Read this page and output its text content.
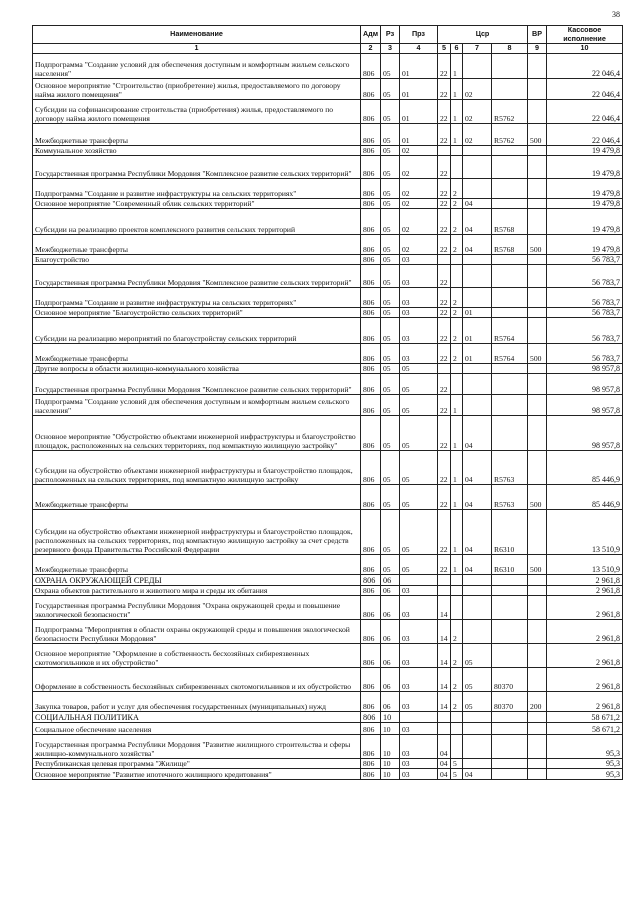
38
Наименование	Адм	Рз	Прз	Цср				ВР	Кассовое исполнение
1	2	3	4	5	6	7	8	9	10
Подпрограмма "Создание условий для обеспечения доступным и комфортным жильем сельского населения"	806	05	01	22	1				22 046,4
Основное мероприятие "Строительство (приобретение) жилья, предоставляемого по договору найма жилого помещения"	806	05	01	22	1	02			22 046,4
Субсидии на софинансирование строительства (приобретения) жилья, предоставляемого по договору найма жилого помещения	806	05	01	22	1	02	R5762		22 046,4
Межбюджетные трансферты	806	05	01	22	1	02	R5762	500	22 046,4
Коммунальное хозяйство	806	05	02						19 479,8
Государственная программа Республики Мордовия "Комплексное развитие сельских территорий"	806	05	02	22					19 479,8
Подпрограмма "Создание и развитие инфраструктуры на сельских территориях"	806	05	02	22	2				19 479,8
Основное мероприятие "Современный облик сельских территорий"	806	05	02	22	2	04			19 479,8
Субсидии на реализацию проектов комплексного развития сельских территорий	806	05	02	22	2	04	R5768		19 479,8
Межбюджетные трансферты	806	05	02	22	2	04	R5768	500	19 479,8
Благоустройство	806	05	03						56 783,7
Государственная программа Республики Мордовия "Комплексное развитие сельских территорий"	806	05	03	22					56 783,7
Подпрограмма "Создание и развитие инфраструктуры на сельских территориях"	806	05	03	22	2				56 783,7
Основное мероприятие "Благоустройство сельских территорий"	806	05	03	22	2	01			56 783,7
Субсидии на реализацию мероприятий по благоустройству сельских территорий	806	05	03	22	2	01	R5764		56 783,7
Межбюджетные трансферты	806	05	03	22	2	01	R5764	500	56 783,7
Другие вопросы в области жилищно-коммунального хозяйства	806	05	05						98 957,8
Государственная программа Республики Мордовия "Комплексное развитие сельских территорий"	806	05	05	22					98 957,8
Подпрограмма "Создание условий для обеспечения доступным и комфортным жильем сельского населения"	806	05	05	22	1				98 957,8
Основное мероприятие "Обустройство объектами инженерной инфраструктуры и благоустройство площадок, расположенных на сельских территориях, под компактную жилищную застройку"	806	05	05	22	1	04			98 957,8
Субсидии на обустройство объектами инженерной инфраструктуры и благоустройство площадок, расположенных на сельских территориях, под компактную жилищную застройку	806	05	05	22	1	04	R5763		85 446,9
Межбюджетные трансферты	806	05	05	22	1	04	R5763	500	85 446,9
Субсидии на обустройство объектами инженерной инфраструктуры и благоустройство площадок, расположенных на сельских территориях, под компактную жилищную застройку за счет средств резервного фонда Правительства Российской Федерации	806	05	05	22	1	04	R6310		13 510,9
Межбюджетные трансферты	806	05	05	22	1	04	R6310	500	13 510,9
ОХРАНА ОКРУЖАЮЩЕЙ СРЕДЫ	806	06							2 961,8
Охрана объектов растительного и животного мира и среды их обитания	806	06	03						2 961,8
Государственная программа Республики Мордовия "Охрана окружающей среды и повышение экологической безопасности"	806	06	03	14					2 961,8
Подпрограмма "Мероприятия в области охраны окружающей среды и повышения экологической безопасности Республики Мордовия"	806	06	03	14	2				2 961,8
Основное мероприятие "Оформление в собственность бесхозяйных сибиреязвенных скотомогильников и их обустройство"	806	06	03	14	2	05			2 961,8
Оформление в собственность бесхозяйных сибиреязвенных скотомогильников и их обустройство	806	06	03	14	2	05	80370		2 961,8
Закупка товаров, работ и услуг для обеспечения государственных (муниципальных) нужд	806	06	03	14	2	05	80370	200	2 961,8
СОЦИАЛЬНАЯ ПОЛИТИКА	806	10							58 671,2
Социальное обеспечение населения	806	10	03						58 671,2
Государственная программа Республики Мордовия "Развитие жилищного строительства и сферы жилищно-коммунального хозяйства"	806	10	03	04					95,3
Республиканская целевая программа "Жилище"	806	10	03	04	5				95,3
Основное мероприятие "Развитие ипотечного жилищного кредитования"	806	10	03	04	5	04			95,3
